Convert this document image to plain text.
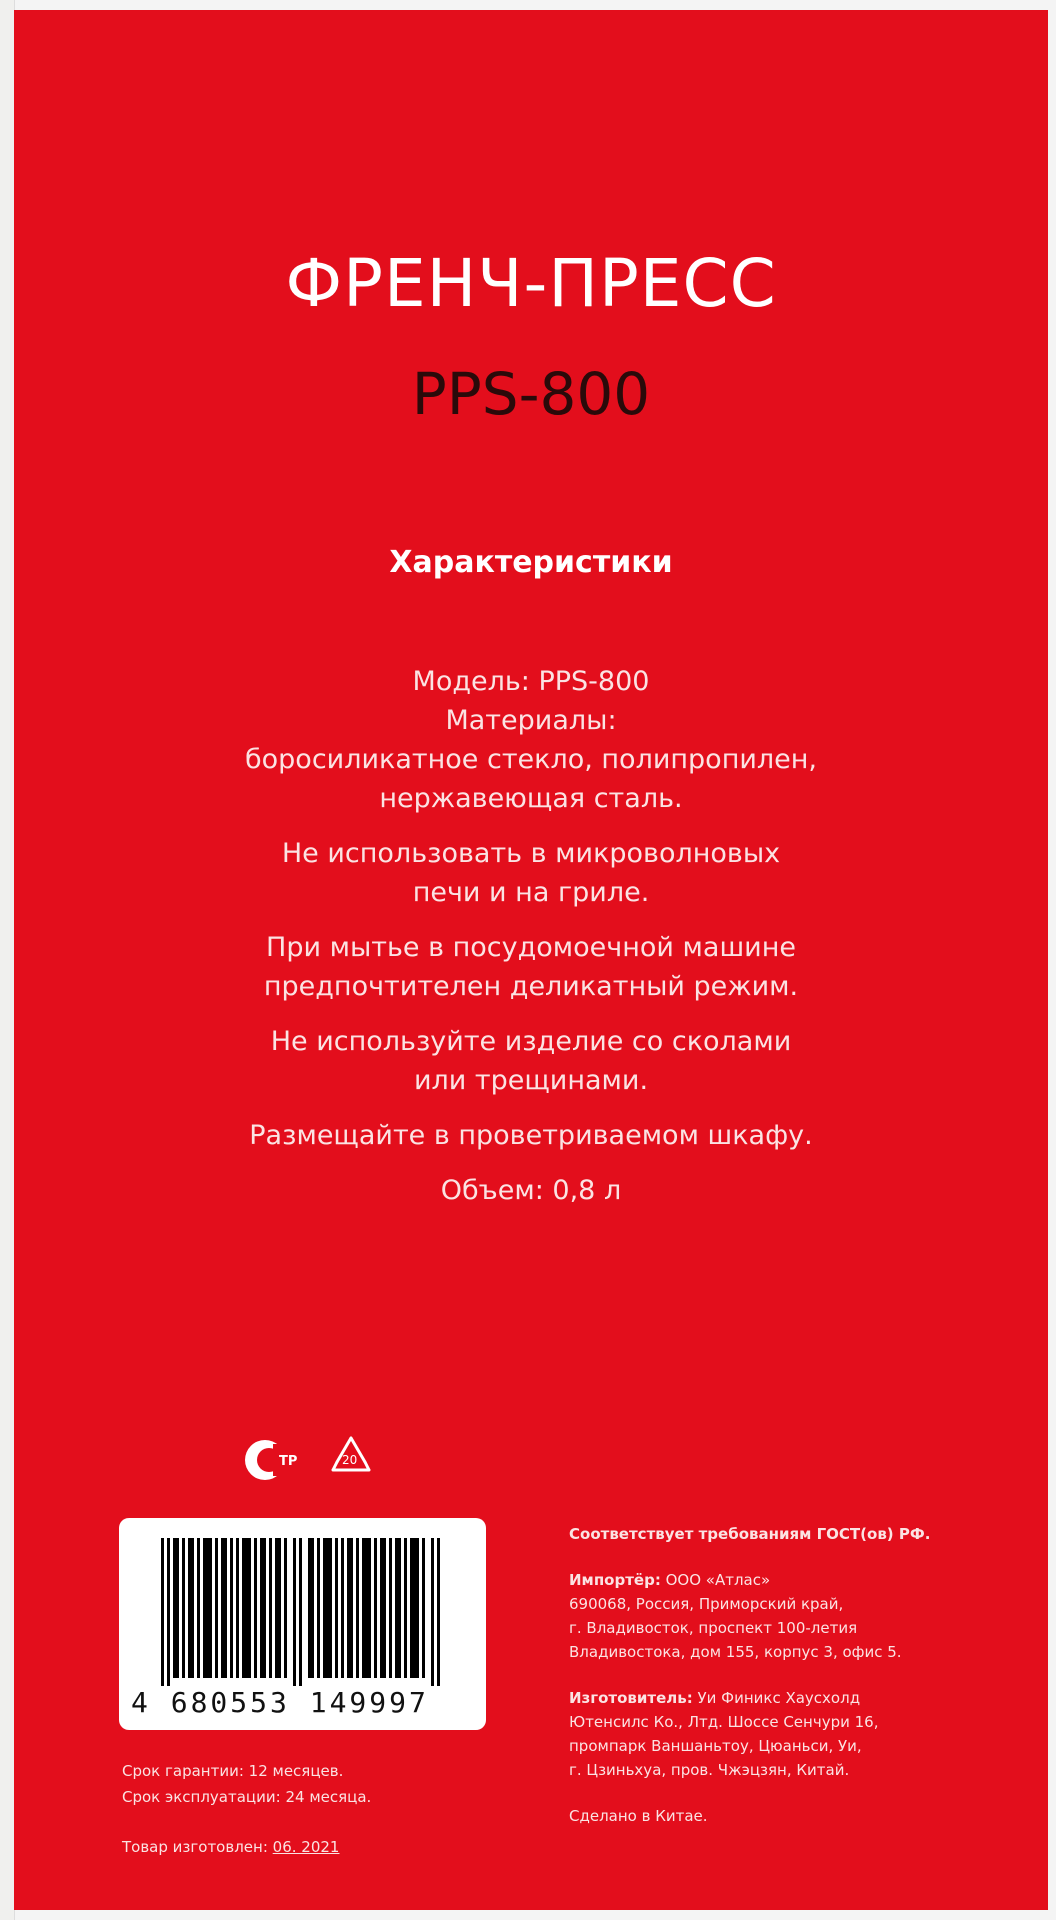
ФРЕНЧ-ПРЕСС
PPS-800
Характеристики

Модель: PPS-800

Материалы:

боросиликатное стекло, полипропилен,

нержавеющая сталь.

Не использовать в микроволновых
печи и на гриле.

При мытье в посудомоечной машине
предпочтителен деликатный режим.

Не используйте изделие со сколами
или трещинами.

Размещайте в проветриваемом шкафу.

Объем: 0,8 л

ТР	20
4 680553 149997
Срок гарантии: 12 месяцев.
Срок эксплуатации: 24 месяца.
Товар изготовлен: 06. 2021

Соответствует требованиям ГОСТ(ов) РФ.

Импортёр: ООО «Атлас»
690068, Россия, Приморский край,
г. Владивосток, проспект 100-летия
Владивостока, дом 155, корпус 3, офис 5.

Изготовитель: Уи Финикс Хаусхолд
Ютенсилс Ко., Лтд. Шоссе Сенчури 16,
промпарк Ваншаньтоу, Цюаньси, Уи,
г. Цзиньхуа, пров. Чжэцзян, Китай.

Сделано в Китае.
